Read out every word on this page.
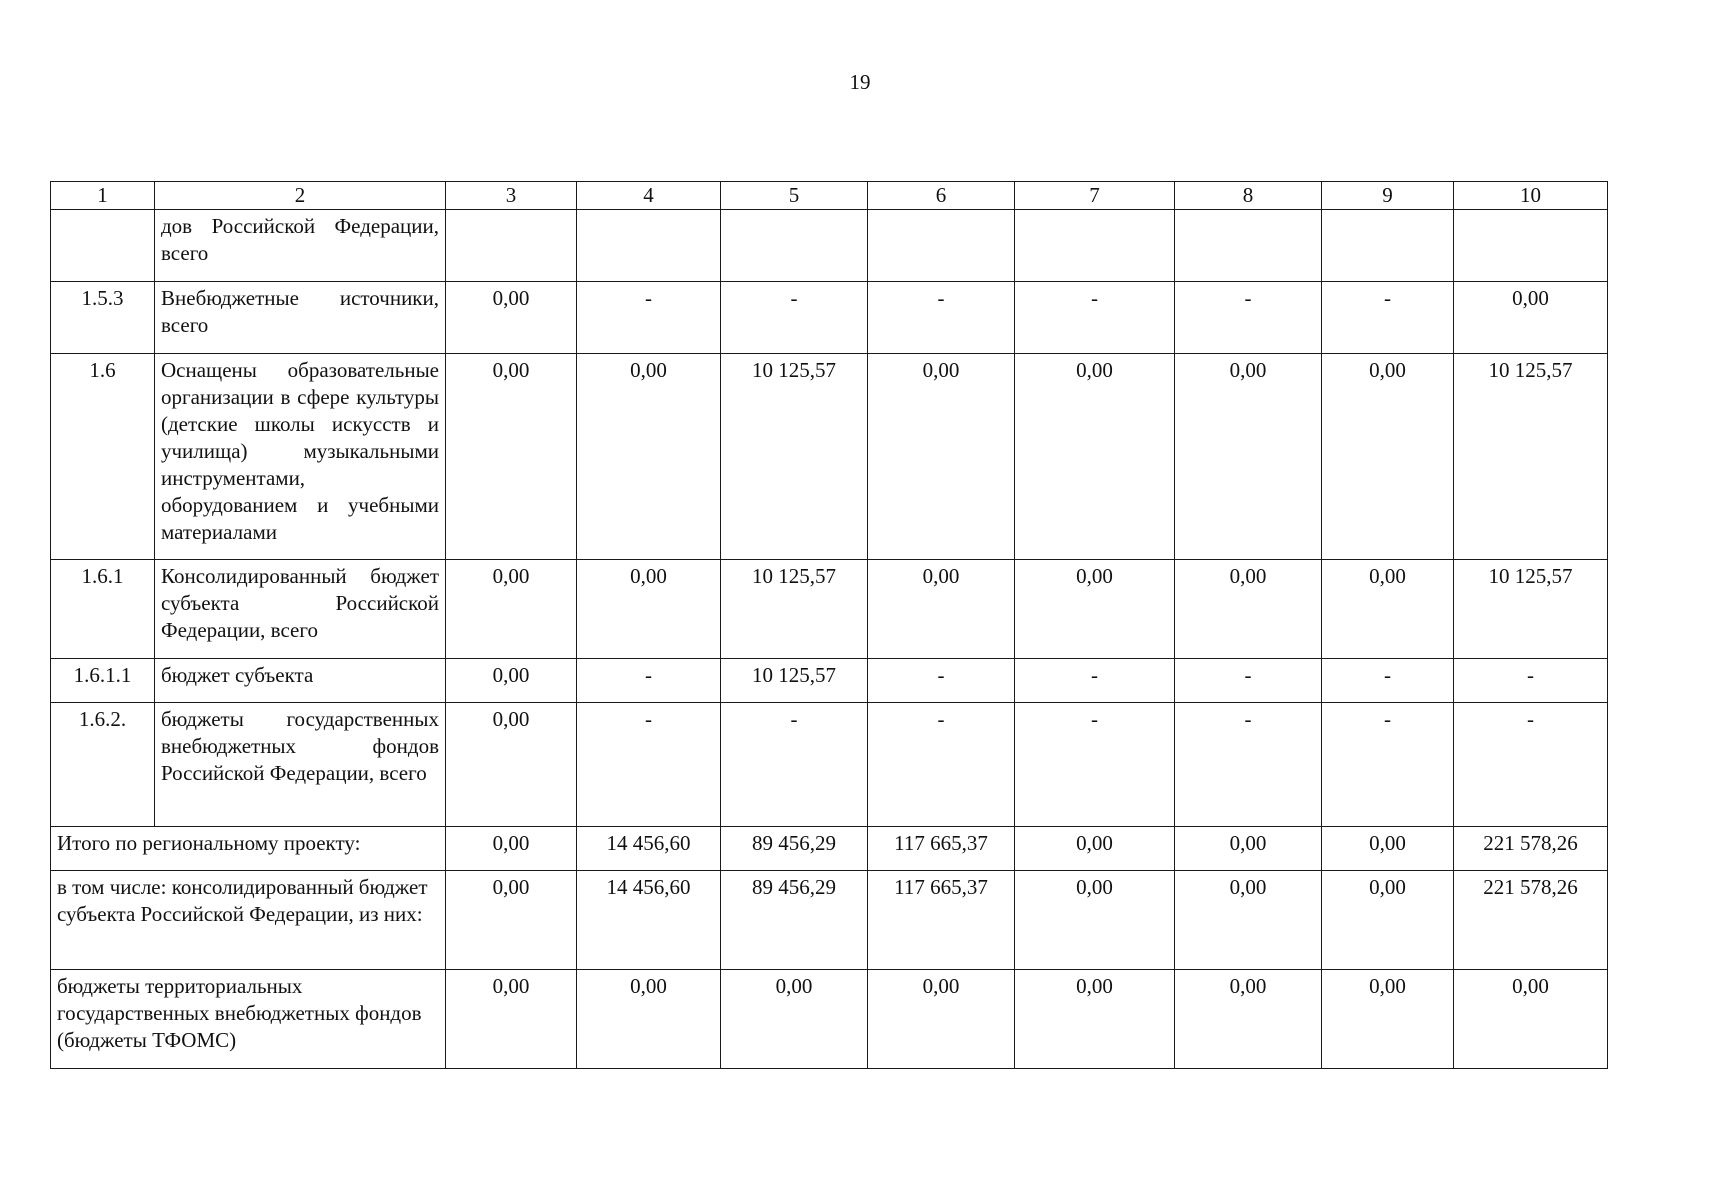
19
1	2	3	4	5	6	7	8	9	10
	дов Российской Федерации, всего								
1.5.3	Внебюджетные источники, всего	0,00	-	-	-	-	-	-	0,00
1.6	Оснащены образовательные организации в сфере культуры (детские школы искусств и училища) музыкальными инструментами, оборудованием и учебными материалами	0,00	0,00	10 125,57	0,00	0,00	0,00	0,00	10 125,57
1.6.1	Консолидированный бюджет субъекта Российской Федерации, всего	0,00	0,00	10 125,57	0,00	0,00	0,00	0,00	10 125,57
1.6.1.1	бюджет субъекта	0,00	-	10 125,57	-	-	-	-	-
1.6.2.	бюджеты государственных внебюджетных фондов Российской Федерации, всего	0,00	-	-	-	-	-	-	-
Итого по региональному проекту:		0,00	14 456,60	89 456,29	117 665,37	0,00	0,00	0,00	221 578,26
в том числе: консолидированный бюджет субъекта Российской Федерации, из них:		0,00	14 456,60	89 456,29	117 665,37	0,00	0,00	0,00	221 578,26
бюджеты территориальных государственных внебюджетных фондов (бюджеты ТФОМС)		0,00	0,00	0,00	0,00	0,00	0,00	0,00	0,00
